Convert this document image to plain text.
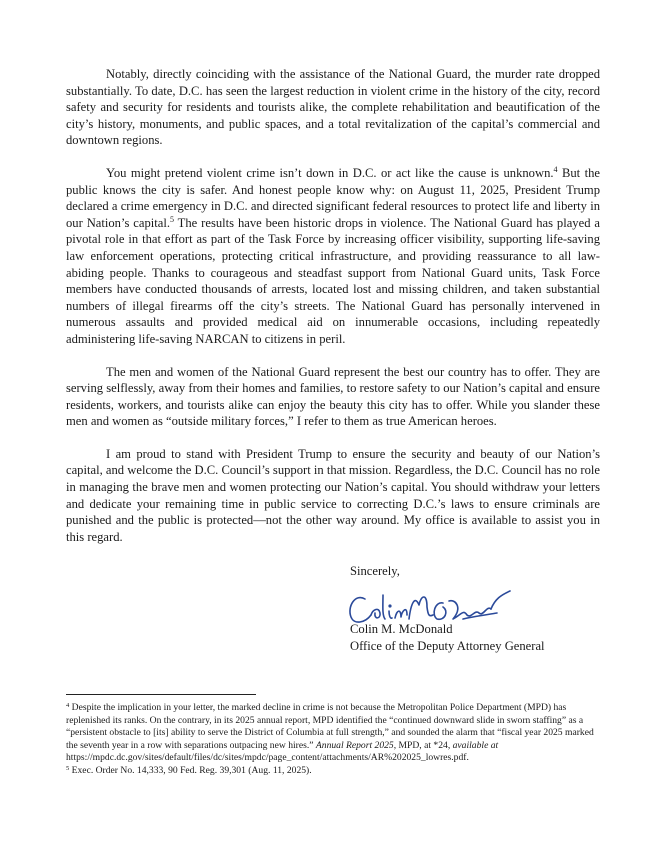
Notably, directly coinciding with the assistance of the National Guard, the murder rate dropped substantially. To date, D.C. has seen the largest reduction in violent crime in the history of the city, record safety and security for residents and tourists alike, the complete rehabilitation and beautification of the city’s history, monuments, and public spaces, and a total revitalization of the capital’s commercial and downtown regions.

You might pretend violent crime isn’t down in D.C. or act like the cause is unknown.$^4$ But the public knows the city is safer. And honest people know why: on August 11, 2025, President Trump declared a crime emergency in D.C. and directed significant federal resources to protect life and liberty in our Nation’s capital.$^5$ The results have been historic drops in violence. The National Guard has played a pivotal role in that effort as part of the Task Force by increasing officer visibility, supporting life-saving law enforcement operations, protecting critical infrastructure, and providing reassurance to all law-abiding people. Thanks to courageous and steadfast support from National Guard units, Task Force members have conducted thousands of arrests, located lost and missing children, and taken substantial numbers of illegal firearms off the city’s streets. The National Guard has personally intervened in numerous assaults and provided medical aid on innumerable occasions, including repeatedly administering life-saving NARCAN to citizens in peril.

The men and women of the National Guard represent the best our country has to offer. They are serving selflessly, away from their homes and families, to restore safety to our Nation’s capital and ensure residents, workers, and tourists alike can enjoy the beauty this city has to offer. While you slander these men and women as “outside military forces,” I refer to them as true American heroes.

I am proud to stand with President Trump to ensure the security and beauty of our Nation’s capital, and welcome the D.C. Council’s support in that mission. Regardless, the D.C. Council has no role in managing the brave men and women protecting our Nation’s capital. You should withdraw your letters and dedicate your remaining time in public service to correcting D.C.’s laws to ensure criminals are punished and the public is protected—not the other way around. My office is available to assist you in this regard.

Sincerely,
Colin M. McDonald
Office of the Deputy Attorney General

$^4$ Despite the implication in your letter, the marked decline in crime is not because the Metropolitan Police Department (MPD) has replenished its ranks. On the contrary, in its 2025 annual report, MPD identified the “continued downward slide in sworn staffing” as a “persistent obstacle to [its] ability to serve the District of Columbia at full strength,” and sounded the alarm that “fiscal year 2025 marked the seventh year in a row with separations outpacing new hires.” Annual Report 2025, MPD, at *24, available at https://mpdc.dc.gov/sites/default/files/dc/sites/mpdc/page_content/attachments/AR%202025_lowres.pdf.

$^5$ Exec. Order No. 14,333, 90 Fed. Reg. 39,301 (Aug. 11, 2025).
